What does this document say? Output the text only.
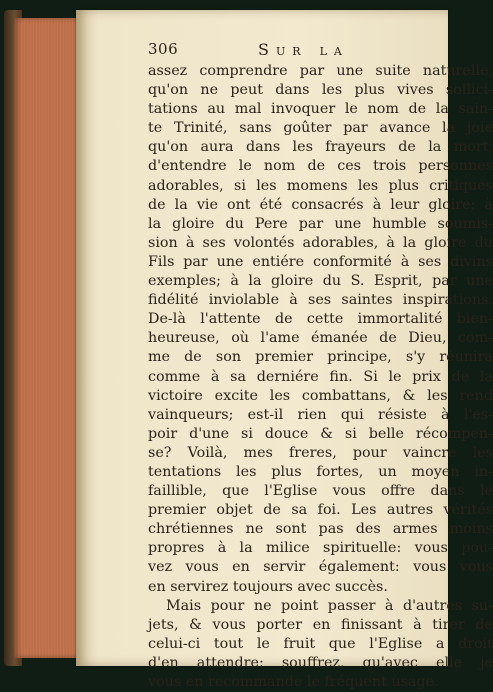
306	Sur la
assez comprendre par une suite naturelle,
qu'on ne peut dans les plus vives sollici-
tations au mal invoquer le nom de la sain-
te Trinité, sans goûter par avance la joie
qu'on aura dans les frayeurs de la mort,
d'entendre le nom de ces trois personnes
adorables, si les momens les plus critiques
de la vie ont été consacrés à leur gloire; à
la gloire du Pere par une humble soumis-
sion à ses volontés adorables, à la gloire du
Fils par une entiére conformité à ses divins
exemples; à la gloire du S. Esprit, par une
fidélité inviolable à ses saintes inspirations.
De-là l'attente de cette immortalité bien-
heureuse, où l'ame émanée de Dieu, com-
me de son premier principe, s'y réunira
comme à sa derniére fin. Si le prix de la
victoire excite les combattans, & les rend
vainqueurs; est-il rien qui résiste à l'es-
poir d'une si douce & si belle récompen-
se? Voilà, mes freres, pour vaincre les
tentations les plus fortes, un moyen in-
faillible, que l'Eglise vous offre dans le
premier objet de sa foi. Les autres vérités
chrétiennes ne sont pas des armes moins
propres à la milice spirituelle: vous pou-
vez vous en servir également: vous vous
en servirez toujours avec succès.
Mais pour ne point passer à d'autres su-
jets, & vous porter en finissant à tirer de
celui-ci tout le fruit que l'Eglise a droit
d'en attendre; souffrez, qu'avec elle je
vous en recommande le fréquent usage.
